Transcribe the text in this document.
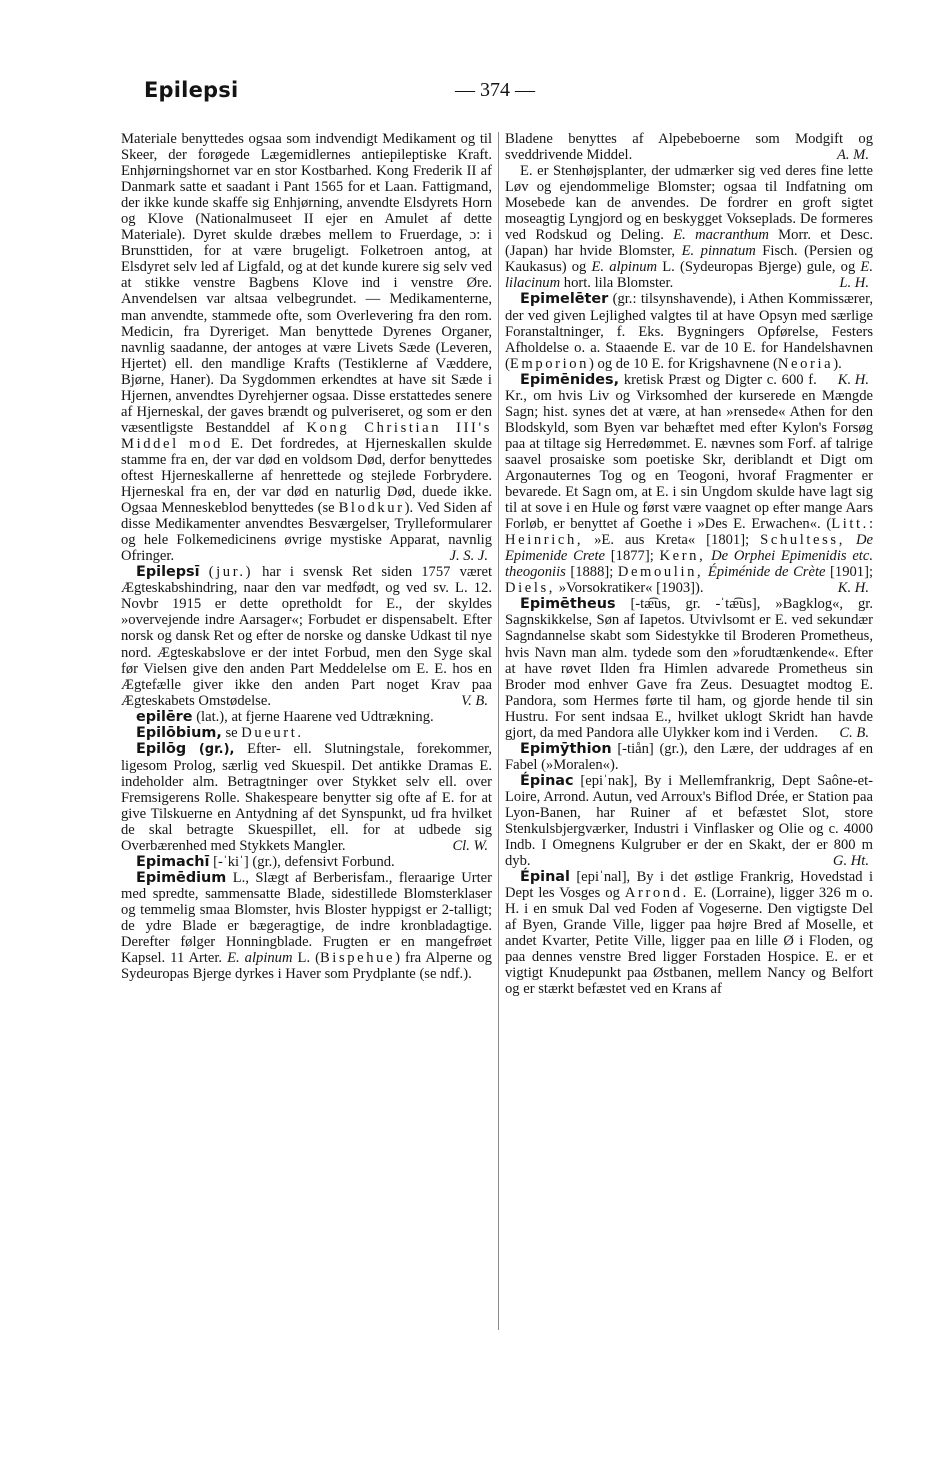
Epilepsi	— 374 —

Materiale benyttedes ogsaa som indvendigt Medikament og til Skeer, der forøgede Lægemidlernes antiepileptiske Kraft. Enhjørningshornet var en stor Kostbarhed. Kong Frederik II af Danmark satte et saadant i Pant 1565 for et Laan. Fattigmand, der ikke kunde skaffe sig Enhjørning, anvendte Elsdyrets Horn og Klove (Nationalmuseet II ejer en Amulet af dette Materiale). Dyret skulde dræbes mellem to Fruerdage, ɔ: i Brunsttiden, for at være brugeligt. Folketroen antog, at Elsdyret selv led af Ligfald, og at det kunde kurere sig selv ved at stikke venstre Bagbens Klove ind i venstre Øre. Anvendelsen var altsaa velbegrundet. — Medikamenterne, man anvendte, stammede ofte, som Overlevering fra den rom. Medicin, fra Dyreriget. Man benyttede Dyrenes Organer, navnlig saadanne, der antoges at være Livets Sæde (Leveren, Hjertet) ell. den mandlige Krafts (Testiklerne af Væddere, Bjørne, Haner). Da Sygdommen erkendtes at have sit Sæde i Hjernen, anvendtes Dyrehjerner ogsaa. Disse erstattedes senere af Hjerneskal, der gaves brændt og pulveriseret, og som er den væsentligste Bestanddel af Kong Christian III's Middel mod E. Det fordredes, at Hjerneskallen skulde stamme fra en, der var død en voldsom Død, derfor benyttedes oftest Hjerneskallerne af henrettede og stejlede Forbrydere. Hjerneskal fra en, der var død en naturlig Død, duede ikke. Ogsaa Menneskeblod benyttedes (se Blodkur). Ved Siden af disse Medikamenter anvendtes Besværgelser, Trylleformularer og hele Folkemedicinens øvrige mystiske Apparat, navnlig Ofringer.	J. S. J.

Epilepsī (jur.) har i svensk Ret siden 1757 været Ægteskabshindring, naar den var medfødt, og ved sv. L. 12. Novbr 1915 er dette opretholdt for E., der skyldes »overvejende indre Aarsager«; Forbudet er dispensabelt. Efter norsk og dansk Ret og efter de norske og danske Udkast til nye nord. Ægteskabslove er der intet Forbud, men den Syge skal før Vielsen give den anden Part Meddelelse om E. E. hos en Ægtefælle giver ikke den anden Part noget Krav paa Ægteskabets Omstødelse.	V. B.

epilēre (lat.), at fjerne Haarene ved Udtrækning.

Epilōbium, se Dueurt.

Epilōg (gr.), Efter- ell. Slutningstale, forekommer, ligesom Prolog, særlig ved Skuespil. Det antikke Dramas E. indeholder alm. Betragtninger over Stykket selv ell. over Fremsigerens Rolle. Shakespeare benytter sig ofte af E. for at give Tilskuerne en Antydning af det Synspunkt, ud fra hvilket de skal betragte Skuespillet, ell. for at udbede sig Overbærenhed med Stykkets Mangler.	Cl. W.

Epimachī [-ˈkiˈ] (gr.), defensivt Forbund.

Epimēdium L., Slægt af Berberisfam., fleraarige Urter med spredte, sammensatte Blade, sidestillede Blomsterklaser og temmelig smaa Blomster, hvis Bloster hyppigst er 2-talligt; de ydre Blade er bægeragtige, de indre kronbladagtige. Derefter følger Honningblade. Frugten er en mangefrøet Kapsel. 11 Arter. E. alpinum L. (Bispehue) fra Alperne og Sydeuropas Bjerge dyrkes i Haver som Prydplante (se ndf.).

Bladene benyttes af Alpebeboerne som Modgift og sveddrivende Middel.	A. M.

E. er Stenhøjsplanter, der udmærker sig ved deres fine lette Løv og ejendommelige Blomster; ogsaa til Indfatning om Mosebede kan de anvendes. De fordrer en groft sigtet moseagtig Lyngjord og en beskygget Vokseplads. De formeres ved Rodskud og Deling. E. macranthum Morr. et Desc. (Japan) har hvide Blomster, E. pinnatum Fisch. (Persien og Kaukasus) og E. alpinum L. (Sydeuropas Bjerge) gule, og E. lilacinum hort. lila Blomster.	L. H.

Epimelēter (gr.: tilsynshavende), i Athen Kommissærer, der ved given Lejlighed valgtes til at have Opsyn med særlige Foranstaltninger, f. Eks. Bygningers Opførelse, Festers Afholdelse o. a. Staaende E. var de 10 E. for Handelshavnen (Emporion) og de 10 E. for Krigshavnene (Neoria).
K. H.

Epimēnides, kretisk Præst og Digter c. 600 f. Kr., om hvis Liv og Virksomhed der kurserede en Mængde Sagn; hist. synes det at være, at han »rensede« Athen for den Blodskyld, som Byen var behæftet med efter Kylon's Forsøg paa at tiltage sig Herredømmet. E. nævnes som Forf. af talrige saavel prosaiske som poetiske Skr, deriblandt et Digt om Argonauternes Tog og en Teogoni, hvoraf Fragmenter er bevarede. Et Sagn om, at E. i sin Ungdom skulde have lagt sig til at sove i en Hule og først være vaagnet op efter mange Aars Forløb, er benyttet af Goethe i »Des E. Erwachen«. (Litt.: Heinrich, »E. aus Kreta« [1801]; Schultess, De Epimenide Crete [1877]; Kern, De Orphei Epimenidis etc. theogoniis [1888]; Demoulin, Épiménide de Crète [1901]; Diels, »Vorsokratiker« [1903]).	K. H.

Epimētheus [-tæ͡us, gr. -ˈtæ͡us], »Bagklog«, gr. Sagnskikkelse, Søn af Iapetos. Utvivlsomt er E. ved sekundær Sagndannelse skabt som Sidestykke til Broderen Prometheus, hvis Navn man alm. tydede som den »forudtænkende«. Efter at have røvet Ilden fra Himlen advarede Prometheus sin Broder mod enhver Gave fra Zeus. Desuagtet modtog E. Pandora, som Hermes førte til ham, og gjorde hende til sin Hustru. For sent indsaa E., hvilket uklogt Skridt han havde gjort, da med Pandora alle Ulykker kom ind i Verden.	C. B.

Epimȳthion [-tiån] (gr.), den Lære, der uddrages af en Fabel (»Moralen«).

Épinac [epiˈnak], By i Mellemfrankrig, Dept Saône-et-Loire, Arrond. Autun, ved Arroux's Biflod Drée, er Station paa Lyon-Banen, har Ruiner af et befæstet Slot, store Stenkulsbjergværker, Industri i Vinflasker og Olie og c. 4000 Indb. I Omegnens Kulgruber er der en Skakt, der er 800 m dyb.	G. Ht.

Épinal [epiˈnal], By i det østlige Frankrig, Hovedstad i Dept les Vosges og Arrond. E. (Lorraine), ligger 326 m o. H. i en smuk Dal ved Foden af Vogeserne. Den vigtigste Del af Byen, Grande Ville, ligger paa højre Bred af Moselle, et andet Kvarter, Petite Ville, ligger paa en lille Ø i Floden, og paa dennes venstre Bred ligger Forstaden Hospice. E. er et vigtigt Knudepunkt paa Østbanen, mellem Nancy og Belfort og er stærkt befæstet ved en Krans af
